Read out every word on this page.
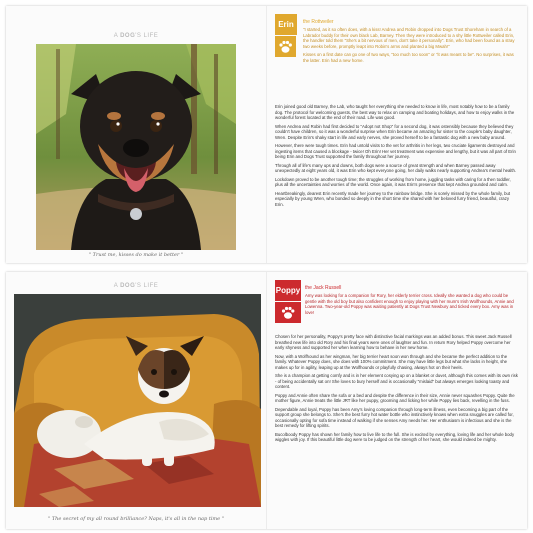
A DOG'S LIFE
" Trust me, kisses do make it better "
Erin	the Rottweiler

"I started, as it so often does, with a kiss! Andrea and Robin dropped into Dogs Trust Shoreham in search of a Labrador buddy for their own black Lab, Barney. Then they were introduced to a shy little Rottweiler called Erin, the handler told them "She's a bit nervous of men, don't take it personally". Erin, who had been found as a stray two weeks before, promptly leapt into Robin's arms and planted a big Mwah!"

Kisses on a first date can go one of two ways, "too much too soon" or "it was meant to be". No surprises, it was the latter. Erin had a new home.

Erin joined good old Barney, the Lab, who taught her everything she needed to know in life, most notably how to be a family dog. The protocol for welcoming guests, the best way to relax on camping and boating holidays, and how to enjoy walks in the wonderful forest located at the end of their road. Life was good.

When Andrea and Robin had first decided to "Adopt not Shop" for a second dog, it was ostensibly because they believed they couldn't have children, so it was a wonderful surprise when Erin became an amazing fur sister to the couple's baby daughter, Wren. Despite Erin's shaky start in life and early nerves, she proved herself to be a fantastic dog with a new baby around.

However, there were tough times. Erin had untold visits to the vet for arthritis in her legs, two cruciate ligaments destroyed and ingesting items that caused a blockage - twice! Oh Erin! Her vet treatment was expensive and lengthy, but it was all part of Erin being Erin and Dogs Trust supported the family throughout her journey.

Through all of life's many ups and downs, both dogs were a source of great strength and when Barney passed away unexpectedly at eight years old, it was Erin who kept everyone going, her daily walks nearly supporting Andrea's mental health.

Lockdown proved to be another tough time; the struggles of working from home, juggling tasks with caring for a then toddler, plus all the uncertainties and worries of the world. Once again, it was Erin's presence that kept Andrea grounded and calm.

Heartbreakingly, dearest Erin recently made her journey to the rainbow bridge. She is sorely missed by the whole family, but especially by young Wren, who bonded so deeply in the short time she shared with her beloved furry friend, beautiful, crazy Erin.

A DOG'S LIFE
" The secret of my all round brilliance? Naps, it's all in the nap time "
Poppy the Jack Russell

Amy was looking for a companion for Rory, her elderly terrier cross. Ideally she wanted a dog who could be gentle with the old boy but also confident enough to enjoy playing with her mum's Irish Wolfhounds, Annie and Lowenna. Two-year-old Poppy was waiting patiently at Dogs Trust Newbury and ticked every box. Amy was in love!

Chosen for her personality, Poppy's pretty face with distinctive facial markings was an added bonus. This sweet Jack Russell breathed new life into old Rory and his final years were ones of laughter and fun. In return Rory helped Poppy overcome her early shyness and supported her when learning how to behave in her new home.

Now, with a Wolfhound as her wingman, her big terrier heart soon won through and she became the perfect addition to the family. Whatever Poppy does, she does with 100% commitment. She may have little legs but what she lacks in height, she makes up for in agility, leaping up at the Wolfhounds or playfully chasing, always hot on their heels.

She is a champion at getting comfy and is in her element cosying up on a blanket or duvet, although this comes with its own risk - of being accidentally sat on! She loves to bury herself and is occasionally "mislaid" but always emerges looking toasty and content.

Poppy and Annie often share the sofa or a bed and despite the difference in their size, Annie never squashes Poppy. Quite the mother figure, Annie treats the little JRT like her puppy, grooming and licking her while Poppy lies back, revelling in the fuss.

Dependable and loyal, Poppy has been Amy's loving companion through long-term illness, even becoming a big part of the support group she belongs to. She's the best furry hot water bottle who instinctively knows when extra snuggles are called for, occasionally opting for sofa time instead of walking if she senses Amy needs her. Her enthusiasm is infectious and she is the best remedy for lifting spirits.

Bucolboody Poppy has shown her family how to live life to the full. She is excited by everything, loving life and her whole body wiggles with joy. If this beautiful little dog were to be judged on the strength of her heart, she would indeed be mighty.
